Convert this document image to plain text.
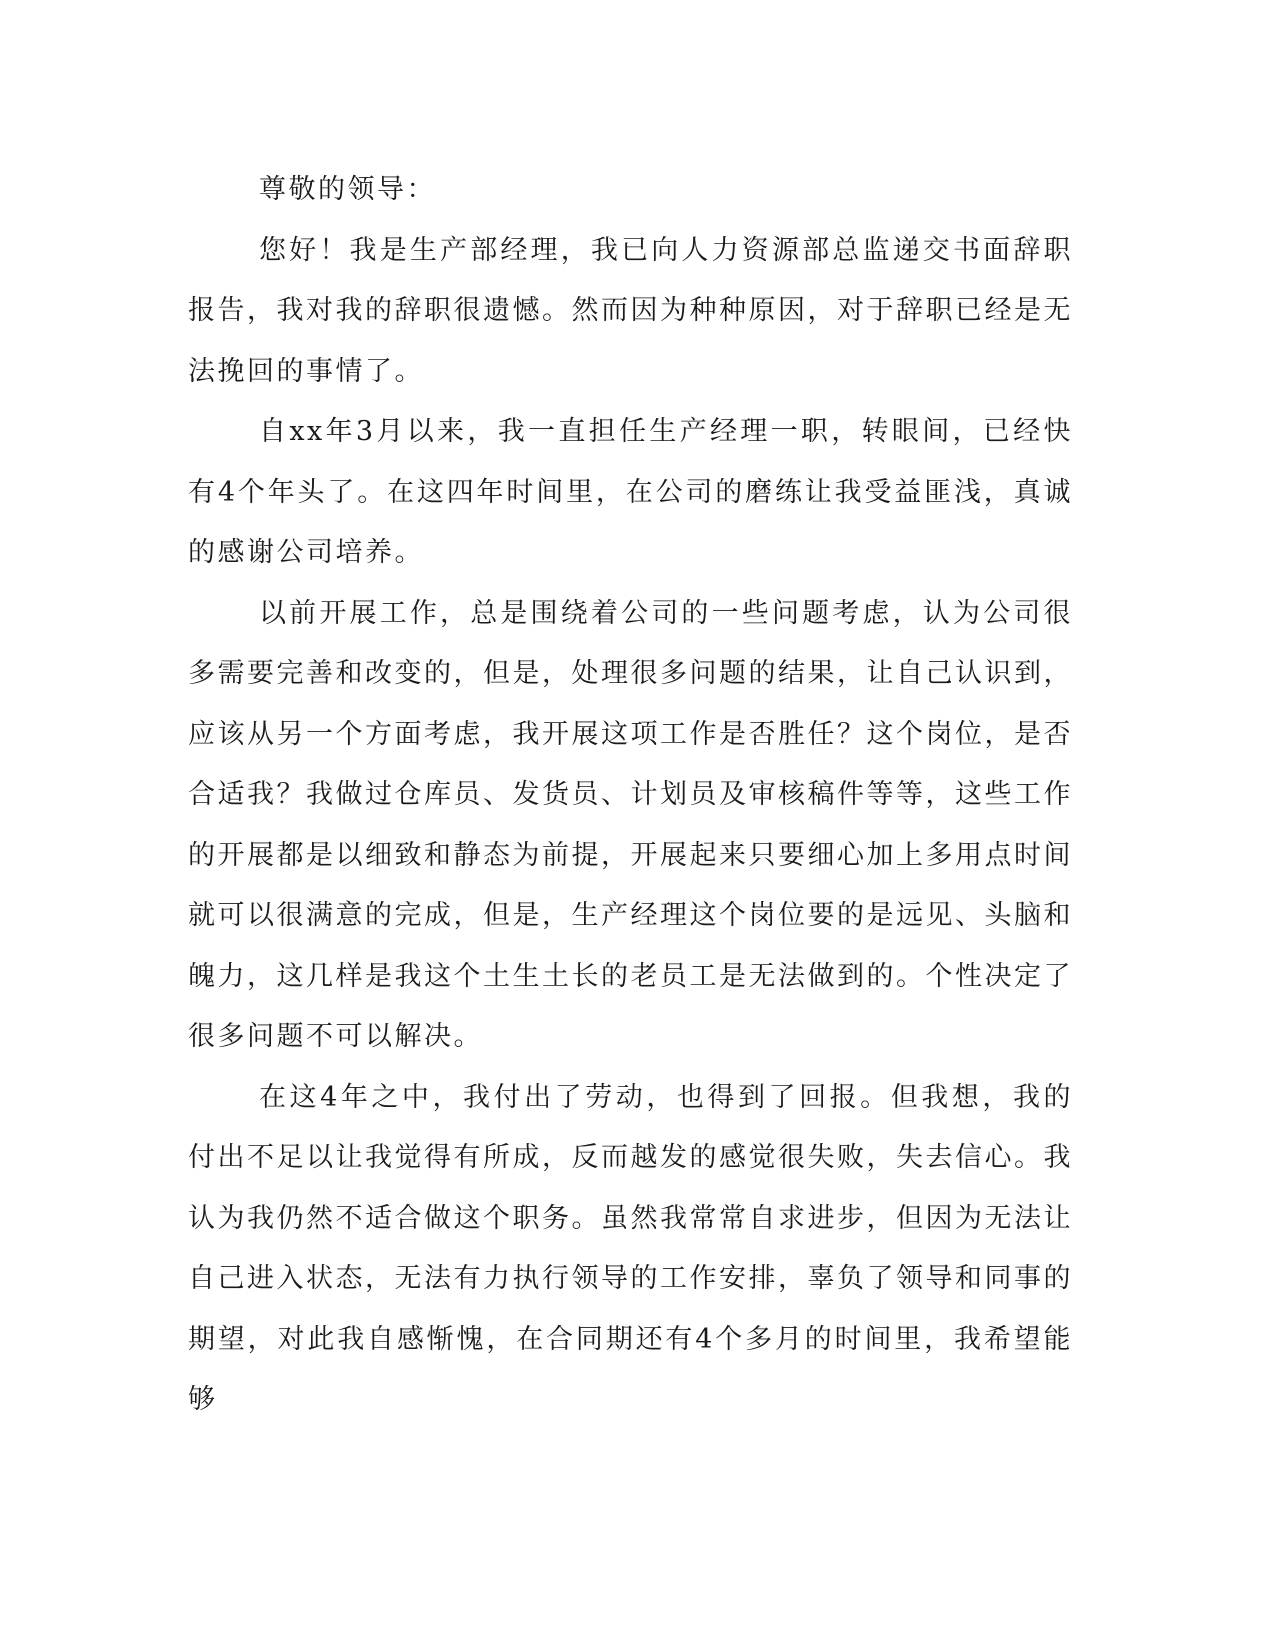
尊敬的领导：

您好！我是生产部经理，我已向人力资源部总监递交书面辞职报告，我对我的辞职很遗憾。然而因为种种原因，对于辞职已经是无法挽回的事情了。

自xx年3月以来，我一直担任生产经理一职，转眼间，已经快有4个年头了。在这四年时间里，在公司的磨练让我受益匪浅，真诚的感谢公司培养。

以前开展工作，总是围绕着公司的一些问题考虑，认为公司很多需要完善和改变的，但是，处理很多问题的结果，让自己认识到，应该从另一个方面考虑，我开展这项工作是否胜任？这个岗位，是否合适我？我做过仓库员、发货员、计划员及审核稿件等等，这些工作的开展都是以细致和静态为前提，开展起来只要细心加上多用点时间就可以很满意的完成，但是，生产经理这个岗位要的是远见、头脑和魄力，这几样是我这个土生土长的老员工是无法做到的。个性决定了很多问题不可以解决。

在这4年之中，我付出了劳动，也得到了回报。但我想，我的付出不足以让我觉得有所成，反而越发的感觉很失败，失去信心。我认为我仍然不适合做这个职务。虽然我常常自求进步，但因为无法让自己进入状态，无法有力执行领导的工作安排，辜负了领导和同事的期望，对此我自感惭愧，在合同期还有4个多月的时间里，我希望能够
